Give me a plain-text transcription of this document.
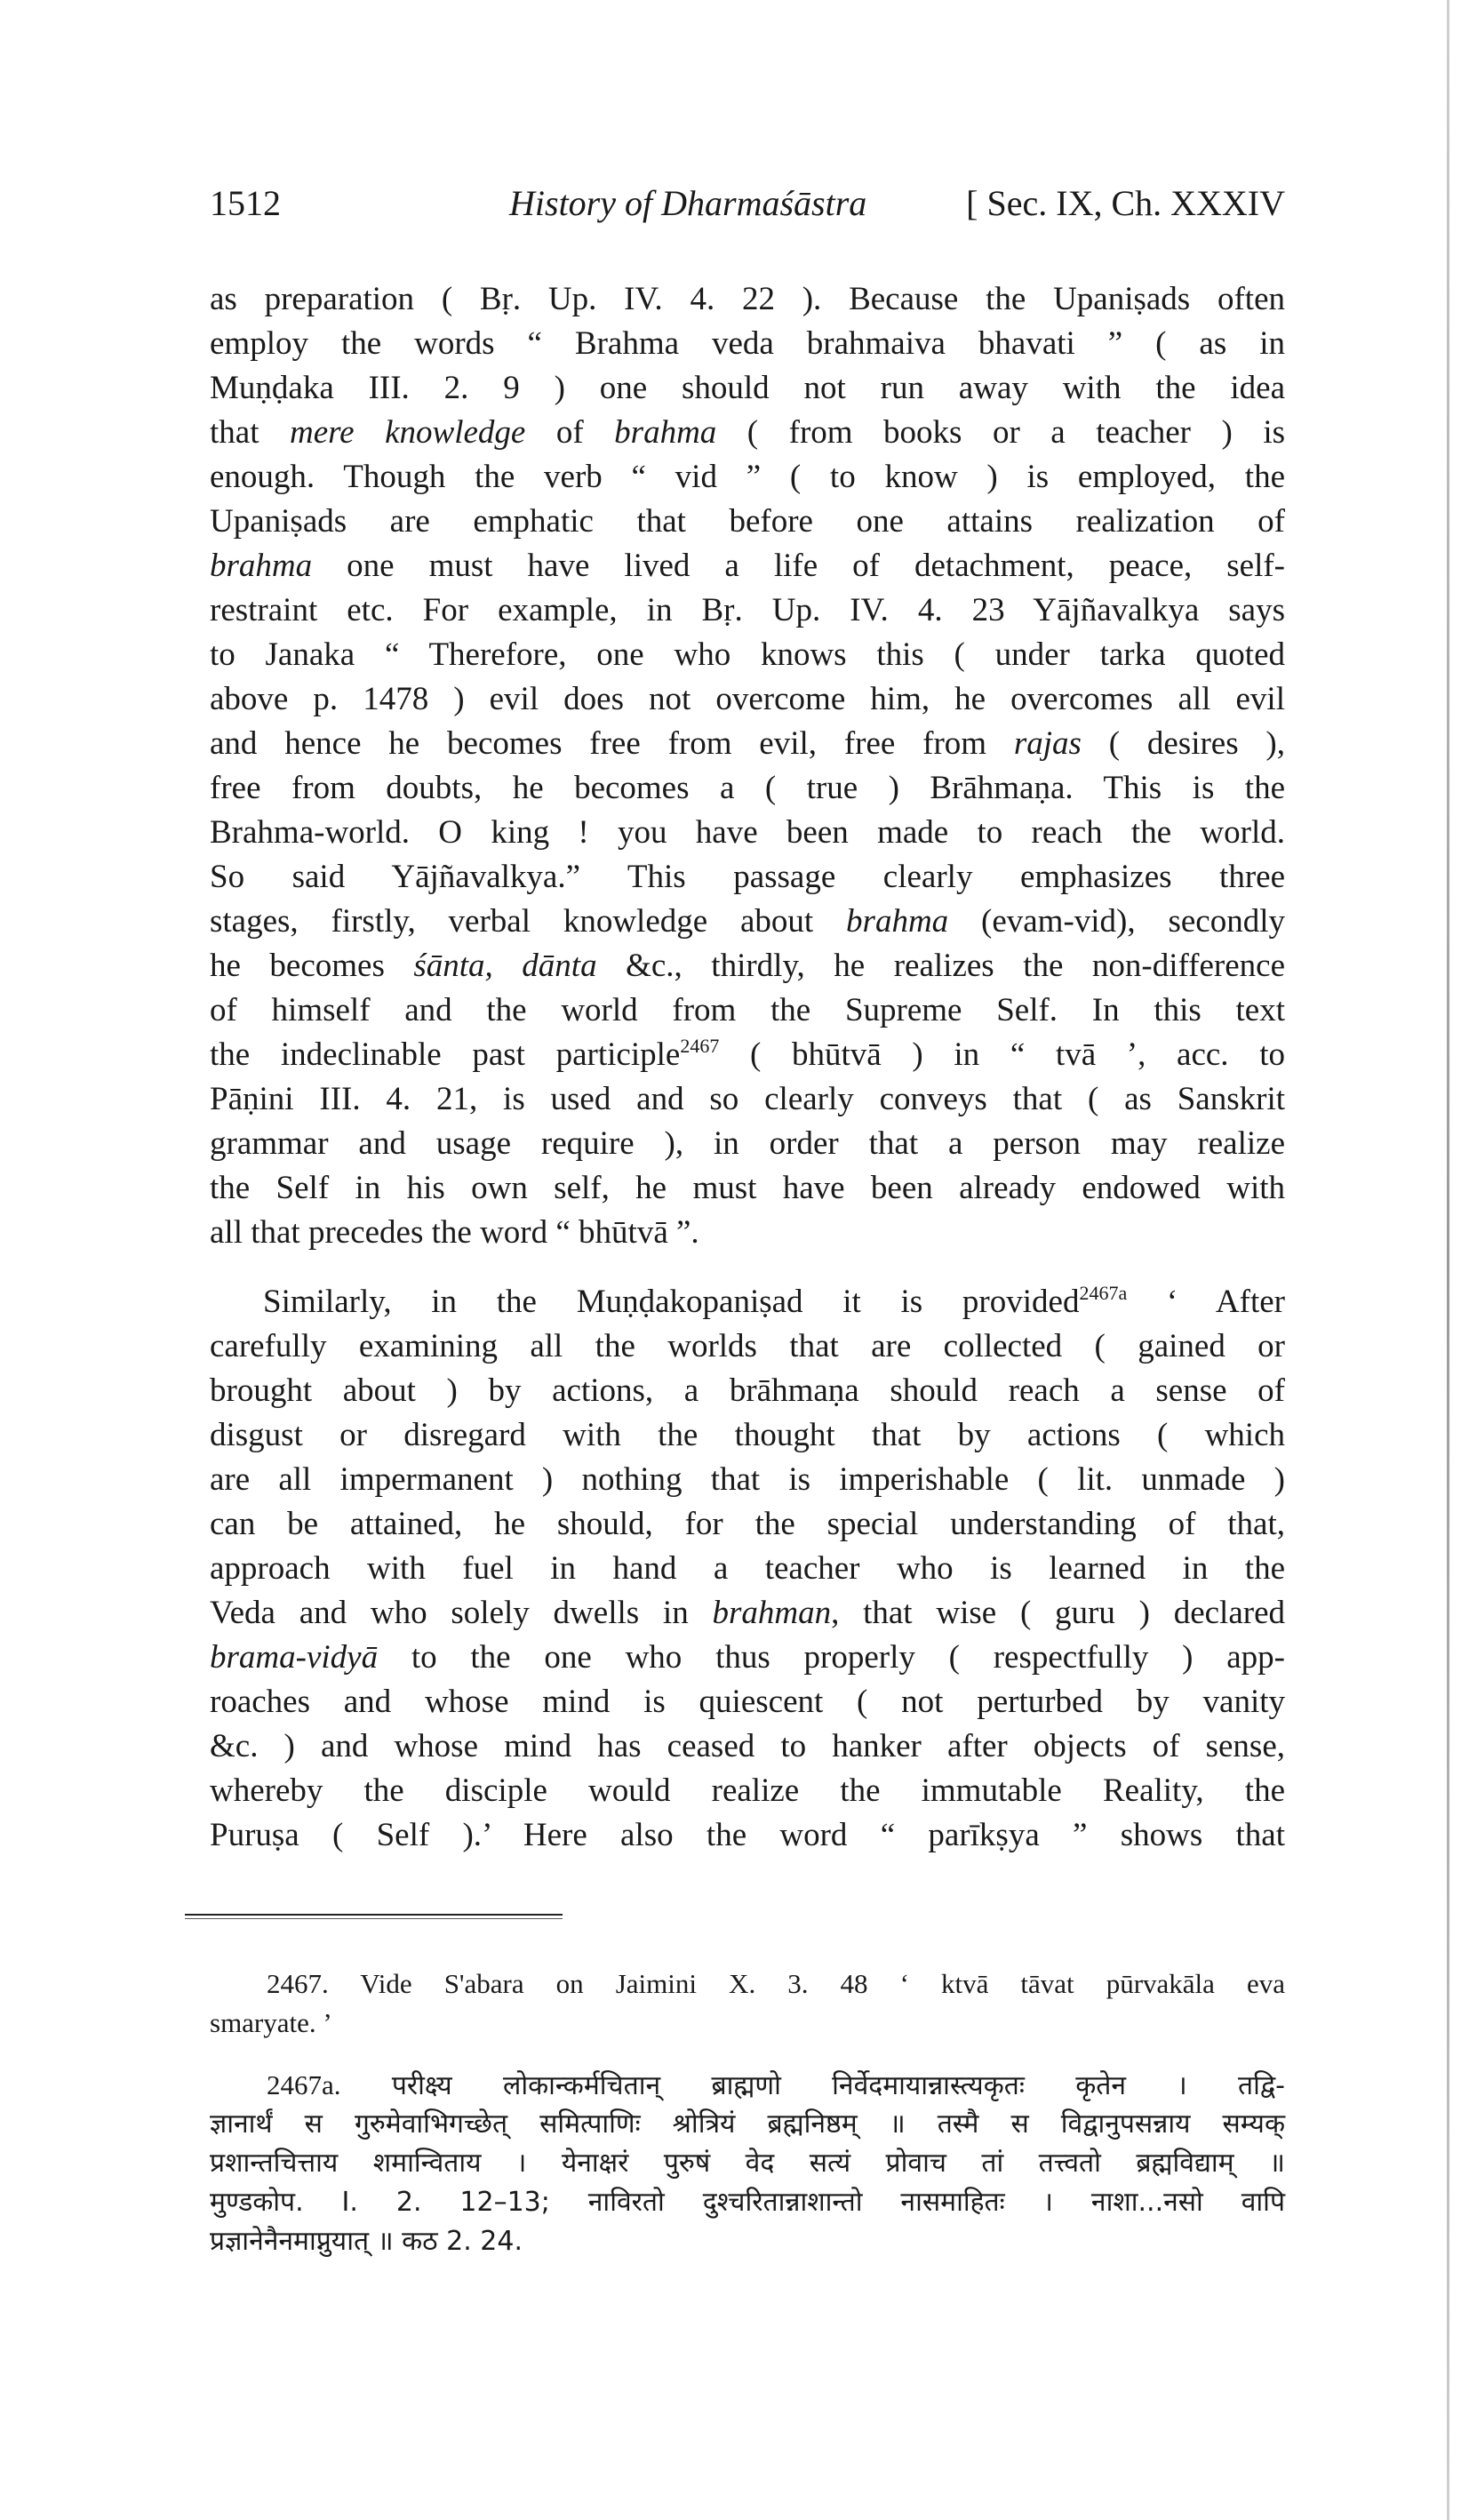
1512	History of Dharmaśāstra	[ Sec. IX, Ch. XXXIV
as preparation ( Bṛ. Up. IV. 4. 22 ). Because the Upaniṣads often
employ the words “ Brahma veda brahmaiva bhavati ” ( as in
Muṇḍaka III. 2. 9 ) one should not run away with the idea
that mere knowledge of brahma ( from books or a teacher ) is
enough. Though the verb “ vid ” ( to know ) is employed, the
Upaniṣads are emphatic that before one attains realization of
brahma one must have lived a life of detachment, peace, self-
restraint etc. For example, in Bṛ. Up. IV. 4. 23 Yājñavalkya says
to Janaka “ Therefore, one who knows this ( under tarka quoted
above p. 1478 ) evil does not overcome him, he overcomes all evil
and hence he becomes free from evil, free from rajas ( desires ),
free from doubts, he becomes a ( true ) Brāhmaṇa. This is the
Brahma-world. O king ! you have been made to reach the world.
So said Yājñavalkya.” This passage clearly emphasizes three
stages, firstly, verbal knowledge about brahma (evam-vid), secondly
he becomes śānta, dānta &c., thirdly, he realizes the non-difference
of himself and the world from the Supreme Self. In this text
the indeclinable past participle$^{2467}$ ( bhūtvā ) in “ tvā ’, acc. to
Pāṇini III. 4. 21, is used and so clearly conveys that ( as Sanskrit
grammar and usage require ), in order that a person may realize
the Self in his own self, he must have been already endowed with
all that precedes the word “ bhūtvā ”.
Similarly, in the Muṇḍakopaniṣad it is provided$^{2467a}$ ‘ After
carefully examining all the worlds that are collected ( gained or
brought about ) by actions, a brāhmaṇa should reach a sense of
disgust or disregard with the thought that by actions ( which
are all impermanent ) nothing that is imperishable ( lit. unmade )
can be attained, he should, for the special understanding of that,
approach with fuel in hand a teacher who is learned in the
Veda and who solely dwells in brahman, that wise ( guru ) declared
brama-vidyā to the one who thus properly ( respectfully ) app-
roaches and whose mind is quiescent ( not perturbed by vanity
&c. ) and whose mind has ceased to hanker after objects of sense,
whereby the disciple would realize the immutable Reality, the
Puruṣa ( Self ).’ Here also the word “ parīkṣya ” shows that
2467. Vide S'abara on Jaimini X. 3. 48 ‘ ktvā tāvat pūrvakāla eva
smaryate. ’
2467a. परीक्ष्य लोकान्कर्मचितान् ब्राह्मणो निर्वेदमायान्नास्त्यकृतः कृतेन । तद्वि-
ज्ञानार्थं स गुरुमेवाभिगच्छेत् समित्पाणिः श्रोत्रियं ब्रह्मनिष्ठम् ॥ तस्मै स विद्वानुपसन्नाय सम्यक्
प्रशान्तचित्ताय शमान्विताय । येनाक्षरं पुरुषं वेद सत्यं प्रोवाच तां तत्त्वतो ब्रह्मविद्याम् ॥
मुण्डकोप. I. 2. 12–13; नाविरतो दुश्चरितान्नाशान्तो नासमाहितः । नाशा...नसो वापि
प्रज्ञानेनैनमाप्नुयात् ॥ कठ 2. 24.
